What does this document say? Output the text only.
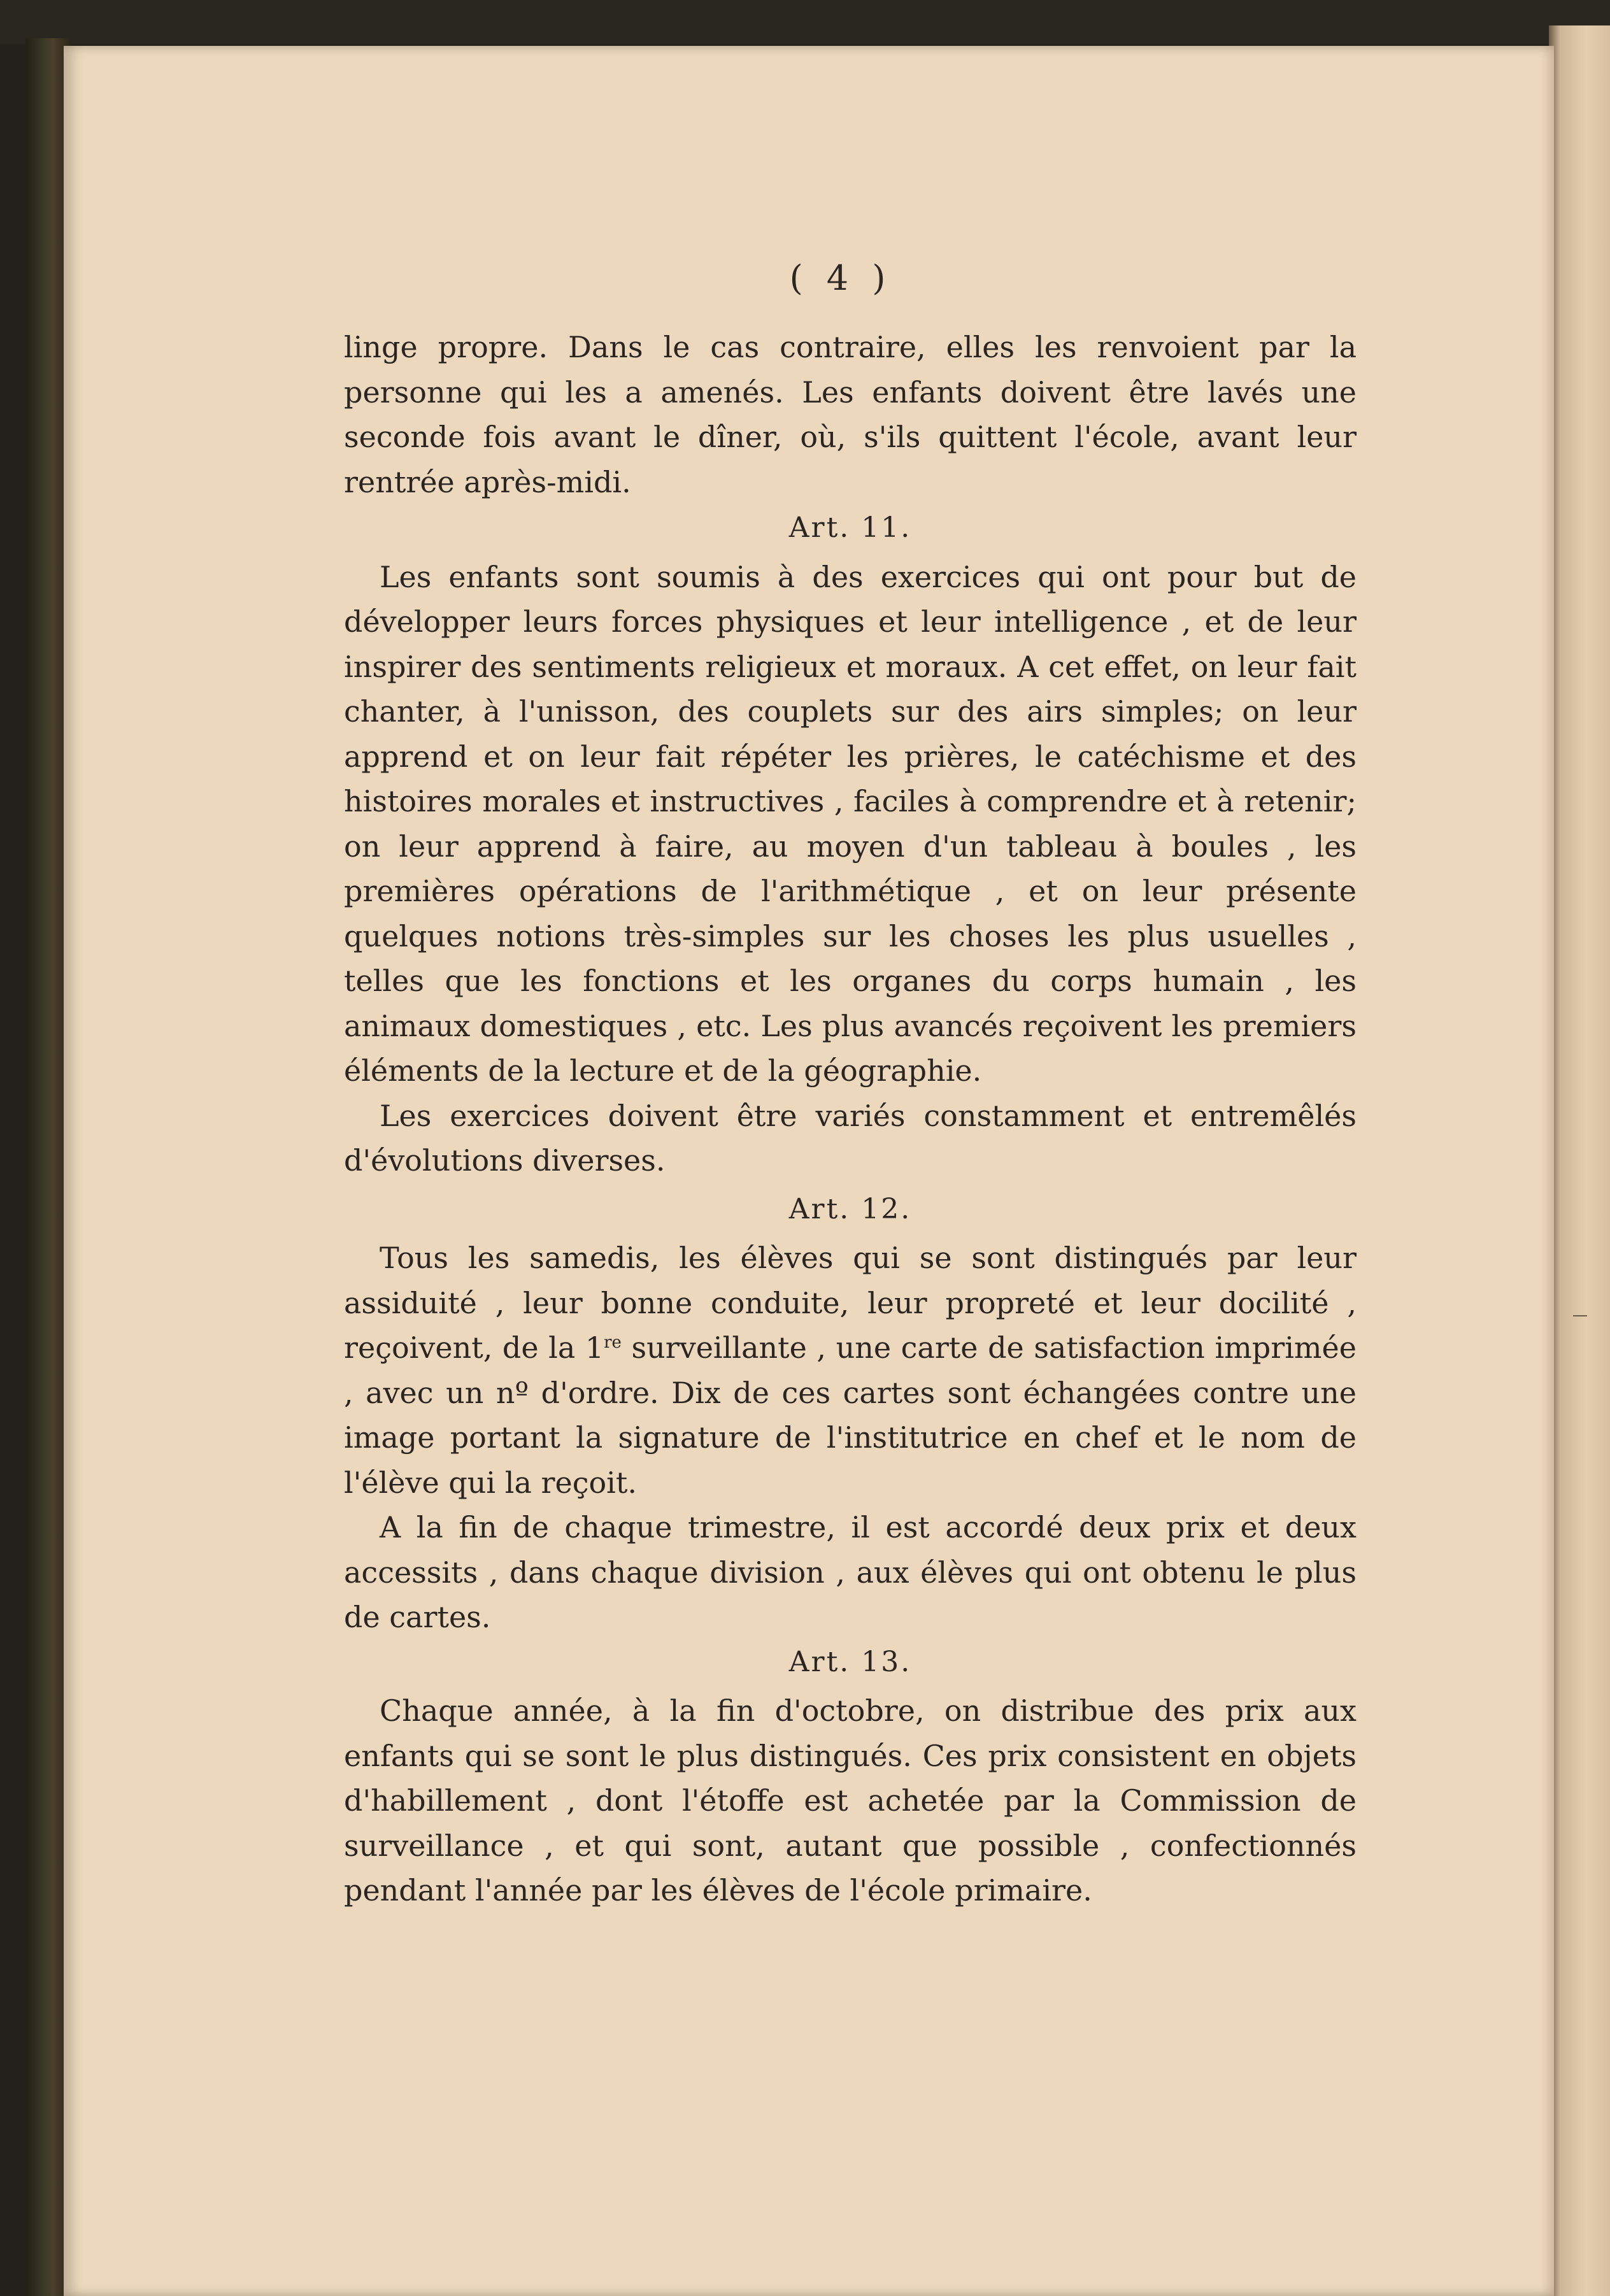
( 4 )

linge propre. Dans le cas contraire, elles les renvoient par la personne qui les a amenés. Les enfants doivent être lavés une seconde fois avant le dîner, où, s'ils quittent l'école, avant leur rentrée après-midi.

Art. 11.

Les enfants sont soumis à des exercices qui ont pour but de développer leurs forces physiques et leur intelligence , et de leur inspirer des sentiments religieux et moraux. A cet effet, on leur fait chanter, à l'unisson, des couplets sur des airs simples; on leur apprend et on leur fait répéter les prières, le catéchisme et des histoires morales et instructives , faciles à comprendre et à retenir; on leur apprend à faire, au moyen d'un tableau à boules , les premières opérations de l'arithmétique , et on leur présente quelques notions très-simples sur les choses les plus usuelles , telles que les fonctions et les organes du corps humain , les animaux domestiques , etc. Les plus avancés reçoivent les premiers éléments de la lecture et de la géographie.

Les exercices doivent être variés constamment et entremêlés d'évolutions diverses.

Art. 12.

Tous les samedis, les élèves qui se sont distingués par leur assiduité , leur bonne conduite, leur propreté et leur docilité , reçoivent, de la 1re surveillante , une carte de satisfaction imprimée , avec un nº d'ordre. Dix de ces cartes sont échangées contre une image portant la signature de l'institutrice en chef et le nom de l'élève qui la reçoit.

A la fin de chaque trimestre, il est accordé deux prix et deux accessits , dans chaque division , aux élèves qui ont obtenu le plus de cartes.

Art. 13.

Chaque année, à la fin d'octobre, on distribue des prix aux enfants qui se sont le plus distingués. Ces prix consistent en objets d'habillement , dont l'étoffe est achetée par la Commission de surveillance , et qui sont, autant que possible , confectionnés pendant l'année par les élèves de l'école primaire.
